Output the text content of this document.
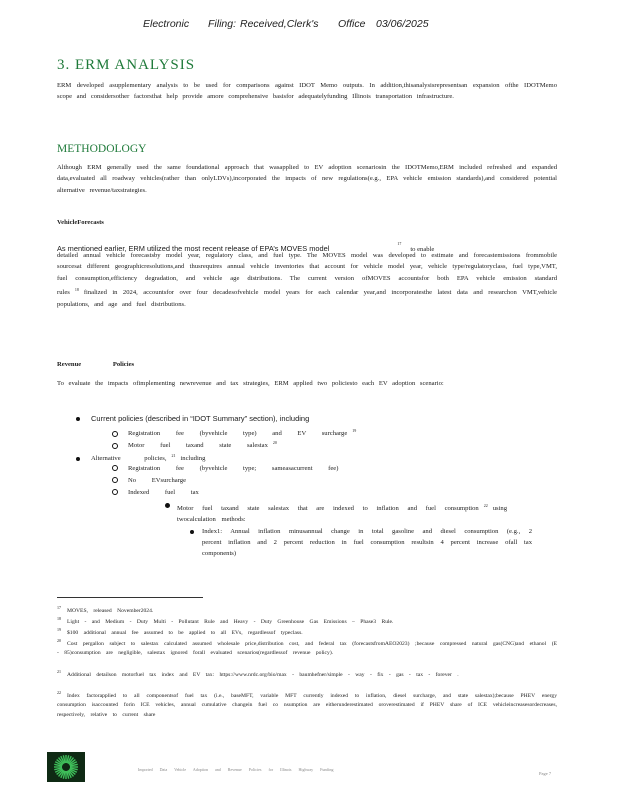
Electronic Filing: Received,Clerk's Office 03/06/2025
3. ERM ANALYSIS

ERM developed asupplementary analysis to be used for comparisons against IDOT Memo outputs. In addition,thisanalysisrepresentsan expansion ofthe IDOTMemo scope and considersother factorsthat help provide amore comprehensive basisfor adequatelyfunding Illinois transportation infrastructure.

METHODOLOGY

Although ERM generally used the same foundational approach that wasapplied to EV adoption scenariosin the IDOTMemo,ERM included refreshed and expanded data,evaluated all roadway vehicles(rather than onlyLDVs),incorporated the impacts of new regulations(e.g., EPA vehicle emission standards),and considered potential alternative revenue/taxstrategies.

VehicleForecasts
As mentioned earlier, ERM utilized the most recent release of EPA’s MOVES model $^{17}$ to enable

detailed annual vehicle forecastsby model year, regulatory class, and fuel type. The MOVES model was developed to estimate and forecastemissions frommobile sourcesat different geographicresolutions,and thusrequires annual vehicle inventories that account for vehicle model year, vehicle type/regulatoryclass, fuel type,VMT, fuel consumption,efficiency degradation, and vehicle age distributions. The current version ofMOVES accountsfor both EPA vehicle emission standard rules $^{18}$ finalized in 2024, accountsfor over four decadesofvehicle model years for each calendar year,and incorporatesthe latest data and researchon VMT,vehicle populations, and age and fuel distributions.

Revenue Policies

To evaluate the impacts ofimplementing newrevenue and tax strategies, ERM applied two policiesto each EV adoption scenario:

Current policies (described in “IDOT Summary” section), including
Registration fee (byvehicle type) and EV surcharge $^{19}$
Motor fuel taxand state salestax $^{20}$
Alternative policies, $^{21}$ including
Registration fee (byvehicle type; sameasacurrent fee)
No EVsurcharge
Indexed fuel tax
Motor fuel taxand state salestax that are indexed to inflation and fuel consumption $^{22}$ using twocalculation methods:
Index1: Annual inflation minusannual change in total gasoline and diesel consumption (e.g., 2 percent inflation and 2 percent reduction in fuel consumption resultsin 4 percent increase ofall tax components)

$^{17}$MOVES, released November2024.

$^{18}$Light - and Medium - Duty Multi - Pollutant Rule and Heavy - Duty Greenhouse Gas Emissions – Phase3 Rule.

$^{19}$\$100 additional annual fee assumed to be applied to all EVs, regardlessof typeclass.

$^{20}$Cost pergallon subject to salestax calculated assumed wholesale price,distribution cost, and federal tax (forecastsfromAEO2023) ;because compressed natural gas(CNG)and ethanol (E - 85)consumption are negligible, salestax ignored forall evaluated scenarios(regardlessof revenue policy).

$^{21}$Additional detailson motorfuel tax index and EV tax: https://www.nrdc.org/bio/max - baumhefner/simple - way - fix - gas - tax - forever .

$^{22}$Index factorapplied to all componentsof fuel tax (i.e., baseMFT, variable MFT currently indexed to inflation, diesel surcharge, and state salestax);because PHEV energy consumption isaccounted forin ICE vehicles, annual cumulative changein fuel co nsumption are eitherunderestimated oroverestimated if PHEV share of ICE vehicleincreasesordecreases, respectively, relative to current share

Imported Data Vehicle Adoption and Revenue Policies for Illinois Highway Funding
Page 7
